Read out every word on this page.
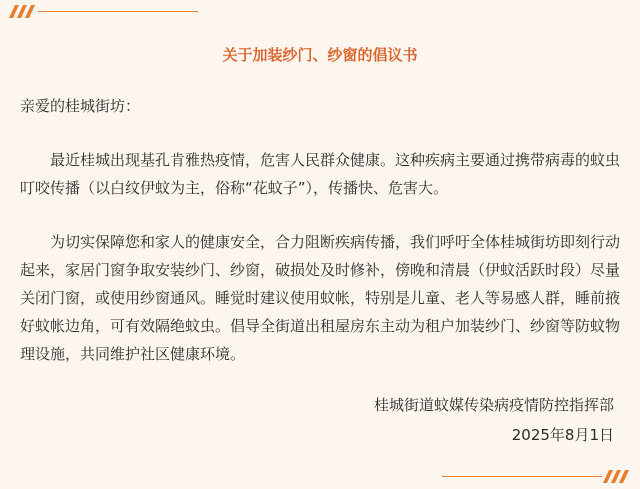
关于加装纱门、纱窗的倡议书
亲爱的桂城街坊：
最近桂城出现基孔肯雅热疫情，危害人民群众健康。这种疾病主要通过携带病毒的蚊虫叮咬传播（以白纹伊蚊为主，俗称“花蚊子”），传播快、危害大。
为切实保障您和家人的健康安全，合力阻断疾病传播，我们呼吁全体桂城街坊即刻行动起来，家居门窗争取安装纱门、纱窗，破损处及时修补，傍晚和清晨（伊蚊活跃时段）尽量关闭门窗，或使用纱窗通风。睡觉时建议使用蚊帐，特别是儿童、老人等易感人群，睡前掖好蚊帐边角，可有效隔绝蚊虫。倡导全街道出租屋房东主动为租户加装纱门、纱窗等防蚊物理设施，共同维护社区健康环境。
桂城街道蚊媒传染病疫情防控指挥部
2025年8月1日
